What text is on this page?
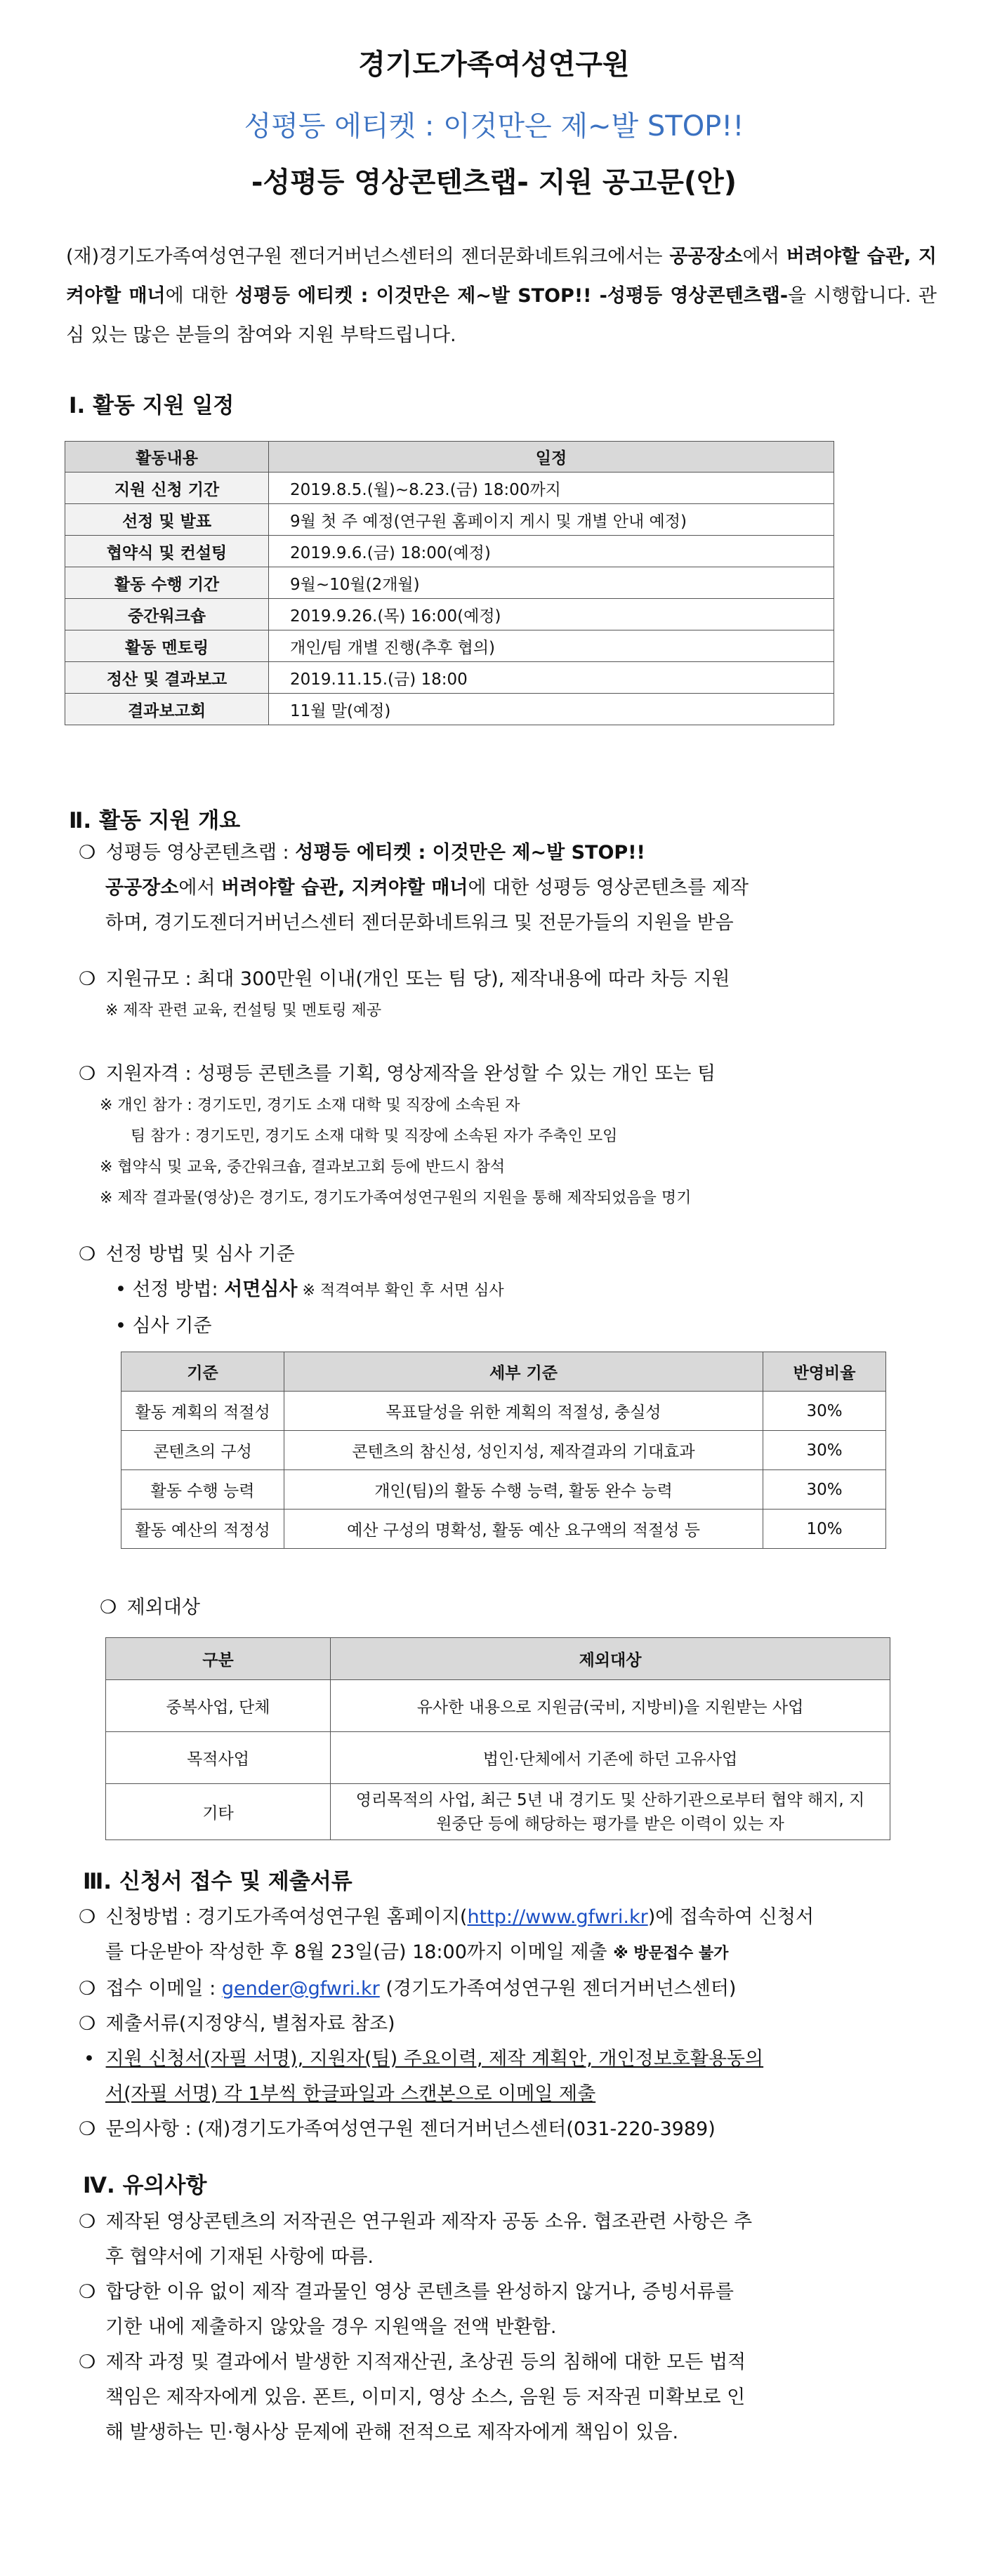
경기도가족여성연구원
성평등 에티켓 : 이것만은 제~발 STOP!!
-성평등 영상콘텐츠랩- 지원 공고문(안)
(재)경기도가족여성연구원 젠더거버넌스센터의 젠더문화네트워크에서는 공공장소에서 버려야할 습관, 지켜야할 매너에 대한 성평등 에티켓 : 이것만은 제~발 STOP!! -성평등 영상콘텐츠랩-을 시행합니다. 관심 있는 많은 분들의 참여와 지원 부탁드립니다.
Ⅰ. 활동 지원 일정
활동내용	일정
지원 신청 기간	2019.8.5.(월)~8.23.(금) 18:00까지
선정 및 발표	9월 첫 주 예정(연구원 홈페이지 게시 및 개별 안내 예정)
협약식 및 컨설팅	2019.9.6.(금) 18:00(예정)
활동 수행 기간	9월~10월(2개월)
중간워크숍	2019.9.26.(목) 16:00(예정)
활동 멘토링	개인/팀 개별 진행(추후 협의)
정산 및 결과보고	2019.11.15.(금) 18:00
결과보고회	11월 말(예정)
Ⅱ. 활동 지원 개요
❍ 성평등 영상콘텐츠랩 : 성평등 에티켓 : 이것만은 제~발 STOP!!
공공장소에서 버려야할 습관, 지켜야할 매너에 대한 성평등 영상콘텐츠를 제작
하며, 경기도젠더거버넌스센터 젠더문화네트워크 및 전문가들의 지원을 받음
❍ 지원규모 : 최대 300만원 이내(개인 또는 팀 당), 제작내용에 따라 차등 지원
※ 제작 관련 교육, 컨설팅 및 멘토링 제공
❍ 지원자격 : 성평등 콘텐츠를 기획, 영상제작을 완성할 수 있는 개인 또는 팀
※ 개인 참가 : 경기도민, 경기도 소재 대학 및 직장에 소속된 자
팀 참가 : 경기도민, 경기도 소재 대학 및 직장에 소속된 자가 주축인 모임
※ 협약식 및 교육, 중간워크숍, 결과보고회 등에 반드시 참석
※ 제작 결과물(영상)은 경기도, 경기도가족여성연구원의 지원을 통해 제작되었음을 명기
❍ 선정 방법 및 심사 기준
• 선정 방법: 서면심사 ※ 적격여부 확인 후 서면 심사
• 심사 기준
기준	세부 기준	반영비율
활동 계획의 적절성	목표달성을 위한 계획의 적절성, 충실성	30%
콘텐츠의 구성	콘텐츠의 참신성, 성인지성, 제작결과의 기대효과	30%
활동 수행 능력	개인(팀)의 활동 수행 능력, 활동 완수 능력	30%
활동 예산의 적정성	예산 구성의 명확성, 활동 예산 요구액의 적절성 등	10%
❍ 제외대상
구분	제외대상
중복사업, 단체	유사한 내용으로 지원금(국비, 지방비)을 지원받는 사업
목적사업	법인·단체에서 기존에 하던 고유사업
기타	영리목적의 사업, 최근 5년 내 경기도 및 산하기관으로부터 협약 해지, 지원중단 등에 해당하는 평가를 받은 이력이 있는 자
Ⅲ. 신청서 접수 및 제출서류
❍ 신청방법 : 경기도가족여성연구원 홈페이지(http://www.gfwri.kr)에 접속하여 신청서
를 다운받아 작성한 후 8월 23일(금) 18:00까지 이메일 제출 ※ 방문접수 불가
❍ 접수 이메일 : gender@gfwri.kr (경기도가족여성연구원 젠더거버넌스센터)
❍ 제출서류(지정양식, 별첨자료 참조)
• 지원 신청서(자필 서명), 지원자(팀) 주요이력, 제작 계획안, 개인정보호활용동의
서(자필 서명) 각 1부씩 한글파일과 스캔본으로 이메일 제출
❍ 문의사항 : (재)경기도가족여성연구원 젠더거버넌스센터(031-220-3989)
Ⅳ. 유의사항
❍ 제작된 영상콘텐츠의 저작권은 연구원과 제작자 공동 소유. 협조관련 사항은 추
후 협약서에 기재된 사항에 따름.
❍ 합당한 이유 없이 제작 결과물인 영상 콘텐츠를 완성하지 않거나, 증빙서류를
기한 내에 제출하지 않았을 경우 지원액을 전액 반환함.
❍ 제작 과정 및 결과에서 발생한 지적재산권, 초상권 등의 침해에 대한 모든 법적
책임은 제작자에게 있음. 폰트, 이미지, 영상 소스, 음원 등 저작권 미확보로 인
해 발생하는 민·형사상 문제에 관해 전적으로 제작자에게 책임이 있음.
